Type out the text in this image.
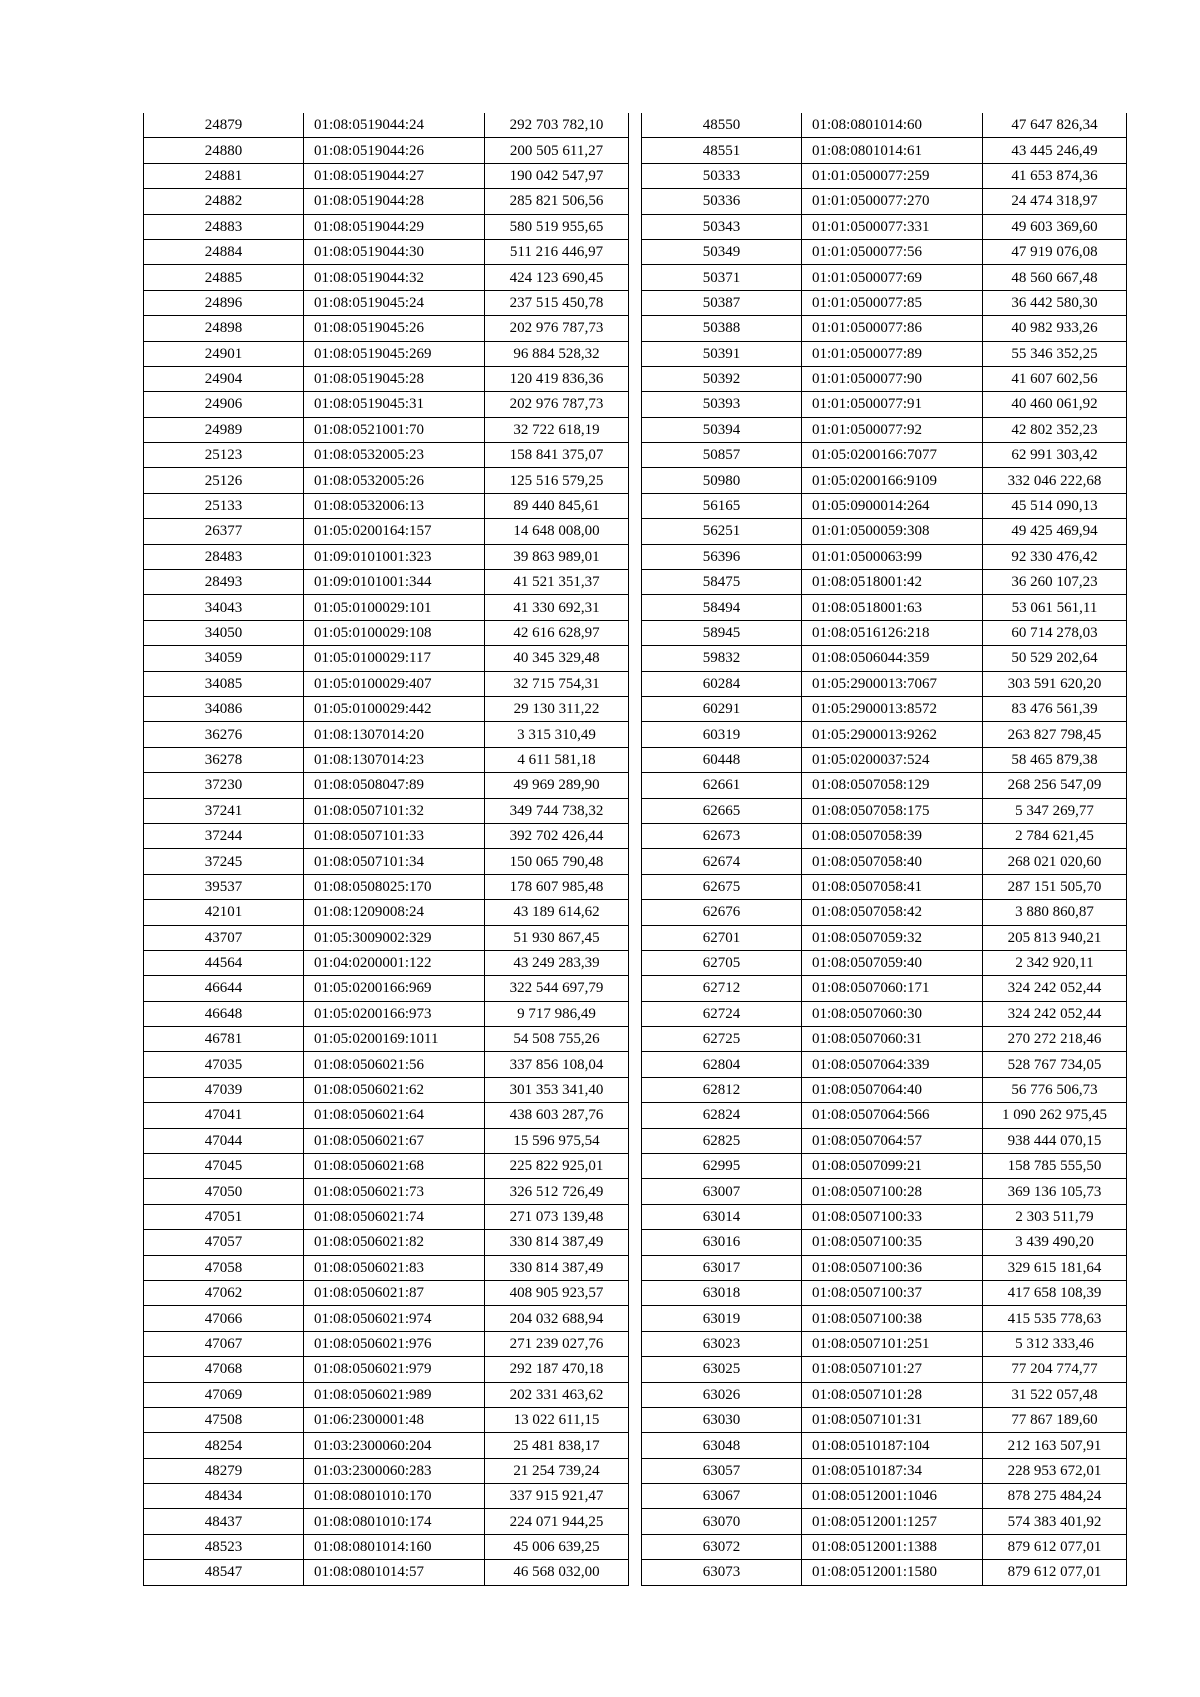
24879	01:08:0519044:24	292 703 782,10
24880	01:08:0519044:26	200 505 611,27
24881	01:08:0519044:27	190 042 547,97
24882	01:08:0519044:28	285 821 506,56
24883	01:08:0519044:29	580 519 955,65
24884	01:08:0519044:30	511 216 446,97
24885	01:08:0519044:32	424 123 690,45
24896	01:08:0519045:24	237 515 450,78
24898	01:08:0519045:26	202 976 787,73
24901	01:08:0519045:269	96 884 528,32
24904	01:08:0519045:28	120 419 836,36
24906	01:08:0519045:31	202 976 787,73
24989	01:08:0521001:70	32 722 618,19
25123	01:08:0532005:23	158 841 375,07
25126	01:08:0532005:26	125 516 579,25
25133	01:08:0532006:13	89 440 845,61
26377	01:05:0200164:157	14 648 008,00
28483	01:09:0101001:323	39 863 989,01
28493	01:09:0101001:344	41 521 351,37
34043	01:05:0100029:101	41 330 692,31
34050	01:05:0100029:108	42 616 628,97
34059	01:05:0100029:117	40 345 329,48
34085	01:05:0100029:407	32 715 754,31
34086	01:05:0100029:442	29 130 311,22
36276	01:08:1307014:20	3 315 310,49
36278	01:08:1307014:23	4 611 581,18
37230	01:08:0508047:89	49 969 289,90
37241	01:08:0507101:32	349 744 738,32
37244	01:08:0507101:33	392 702 426,44
37245	01:08:0507101:34	150 065 790,48
39537	01:08:0508025:170	178 607 985,48
42101	01:08:1209008:24	43 189 614,62
43707	01:05:3009002:329	51 930 867,45
44564	01:04:0200001:122	43 249 283,39
46644	01:05:0200166:969	322 544 697,79
46648	01:05:0200166:973	9 717 986,49
46781	01:05:0200169:1011	54 508 755,26
47035	01:08:0506021:56	337 856 108,04
47039	01:08:0506021:62	301 353 341,40
47041	01:08:0506021:64	438 603 287,76
47044	01:08:0506021:67	15 596 975,54
47045	01:08:0506021:68	225 822 925,01
47050	01:08:0506021:73	326 512 726,49
47051	01:08:0506021:74	271 073 139,48
47057	01:08:0506021:82	330 814 387,49
47058	01:08:0506021:83	330 814 387,49
47062	01:08:0506021:87	408 905 923,57
47066	01:08:0506021:974	204 032 688,94
47067	01:08:0506021:976	271 239 027,76
47068	01:08:0506021:979	292 187 470,18
47069	01:08:0506021:989	202 331 463,62
47508	01:06:2300001:48	13 022 611,15
48254	01:03:2300060:204	25 481 838,17
48279	01:03:2300060:283	21 254 739,24
48434	01:08:0801010:170	337 915 921,47
48437	01:08:0801010:174	224 071 944,25
48523	01:08:0801014:160	45 006 639,25
48547	01:08:0801014:57	46 568 032,00
48550	01:08:0801014:60	47 647 826,34
48551	01:08:0801014:61	43 445 246,49
50333	01:01:0500077:259	41 653 874,36
50336	01:01:0500077:270	24 474 318,97
50343	01:01:0500077:331	49 603 369,60
50349	01:01:0500077:56	47 919 076,08
50371	01:01:0500077:69	48 560 667,48
50387	01:01:0500077:85	36 442 580,30
50388	01:01:0500077:86	40 982 933,26
50391	01:01:0500077:89	55 346 352,25
50392	01:01:0500077:90	41 607 602,56
50393	01:01:0500077:91	40 460 061,92
50394	01:01:0500077:92	42 802 352,23
50857	01:05:0200166:7077	62 991 303,42
50980	01:05:0200166:9109	332 046 222,68
56165	01:05:0900014:264	45 514 090,13
56251	01:01:0500059:308	49 425 469,94
56396	01:01:0500063:99	92 330 476,42
58475	01:08:0518001:42	36 260 107,23
58494	01:08:0518001:63	53 061 561,11
58945	01:08:0516126:218	60 714 278,03
59832	01:08:0506044:359	50 529 202,64
60284	01:05:2900013:7067	303 591 620,20
60291	01:05:2900013:8572	83 476 561,39
60319	01:05:2900013:9262	263 827 798,45
60448	01:05:0200037:524	58 465 879,38
62661	01:08:0507058:129	268 256 547,09
62665	01:08:0507058:175	5 347 269,77
62673	01:08:0507058:39	2 784 621,45
62674	01:08:0507058:40	268 021 020,60
62675	01:08:0507058:41	287 151 505,70
62676	01:08:0507058:42	3 880 860,87
62701	01:08:0507059:32	205 813 940,21
62705	01:08:0507059:40	2 342 920,11
62712	01:08:0507060:171	324 242 052,44
62724	01:08:0507060:30	324 242 052,44
62725	01:08:0507060:31	270 272 218,46
62804	01:08:0507064:339	528 767 734,05
62812	01:08:0507064:40	56 776 506,73
62824	01:08:0507064:566	1 090 262 975,45
62825	01:08:0507064:57	938 444 070,15
62995	01:08:0507099:21	158 785 555,50
63007	01:08:0507100:28	369 136 105,73
63014	01:08:0507100:33	2 303 511,79
63016	01:08:0507100:35	3 439 490,20
63017	01:08:0507100:36	329 615 181,64
63018	01:08:0507100:37	417 658 108,39
63019	01:08:0507100:38	415 535 778,63
63023	01:08:0507101:251	5 312 333,46
63025	01:08:0507101:27	77 204 774,77
63026	01:08:0507101:28	31 522 057,48
63030	01:08:0507101:31	77 867 189,60
63048	01:08:0510187:104	212 163 507,91
63057	01:08:0510187:34	228 953 672,01
63067	01:08:0512001:1046	878 275 484,24
63070	01:08:0512001:1257	574 383 401,92
63072	01:08:0512001:1388	879 612 077,01
63073	01:08:0512001:1580	879 612 077,01
